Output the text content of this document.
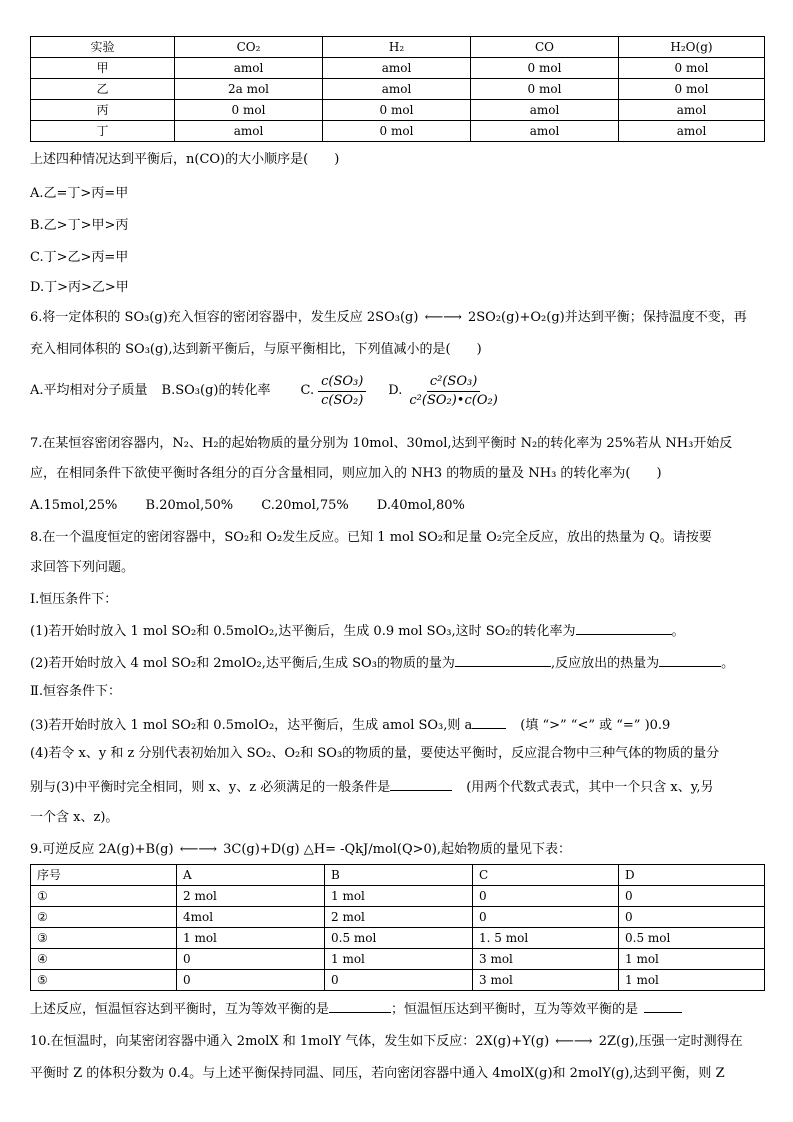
实验	CO₂	H₂	CO	H₂O(g)
甲	amol	amol	0 mol	0 mol
乙	2a mol	amol	0 mol	0 mol
丙	0 mol	0 mol	amol	amol
丁	amol	0 mol	amol	amol
上述四种情况达到平衡后，n(CO)的大小顺序是(　　)
A.乙=丁>丙=甲
B.乙>丁>甲>丙
C.丁>乙>丙=甲
D.丁>丙>乙>甲
6.将一定体积的 SO₃(g)充入恒容的密闭容器中，发生反应 2SO₃(g) ⟵⟶ 2SO₂(g)+O₂(g)并达到平衡；保持温度不变，再
充入相同体积的 SO₃(g),达到新平衡后，与原平衡相比，下列值减小的是(　　)
A.平均相对分子质量 B.SO₃(g)的转化率 C. $\frac{\text{c(SO₃)}}{\text{c(SO₂)}} D$. $\frac{\text{c²(SO₃)}}{\text{c²(SO₂)•c(O₂)}}$
7.在某恒容密闭容器内，N₂、H₂的起始物质的量分别为 10mol、30mol,达到平衡时 N₂的转化率为 25%若从 NH₃开始反
应，在相同条件下欲使平衡时各组分的百分含量相同，则应加入的 NH3 的物质的量及 NH₃ 的转化率为(　　)
A.15mol,25% B.20mol,50% C.20mol,75% D.40mol,80%
8.在一个温度恒定的密闭容器中，SO₂和 O₂发生反应。已知 1 mol SO₂和足量 O₂完全反应，放出的热量为 Q。请按要
求回答下列问题。
I.恒压条件下：
(1)若开始时放入 1 mol SO₂和 0.5molO₂,达平衡后，生成 0.9 mol SO₃,这时 SO₂的转化率为	。
(2)若开始时放入 4 mol SO₂和 2molO₂,达平衡后,生成 SO₃的物质的量为	,反应放出的热量为	。
Ⅱ.恒容条件下：
(3)若开始时放入 1 mol SO₂和 0.5molO₂，达平衡后，生成 amol SO₃,则 a	(填 “>” “<” 或 “=” )0.9
(4)若令 x、y 和 z 分别代表初始加入 SO₂、O₂和 SO₃的物质的量，要使达平衡时，反应混合物中三种气体的物质的量分
别与(3)中平衡时完全相同，则 x、y、z 必须满足的一般条件是	(用两个代数式表式，其中一个只含 x、y,另
一个含 x、z)。
9.可逆反应 2A(g)+B(g) ⟵⟶ 3C(g)+D(g) △H= -QkJ/mol(Q>0),起始物质的量见下表：
序号	A	B	C	D
①	2 mol	1 mol	0	0
②	4mol	2 mol	0	0
③	1 mol	0.5 mol	1. 5 mol	0.5 mol
④	0	1 mol	3 mol	1 mol
⑤	0	0	3 mol	1 mol
上述反应，恒温恒容达到平衡时，互为等效平衡的是	；恒温恒压达到平衡时，互为等效平衡的是
10.在恒温时，向某密闭容器中通入 2molX 和 1molY 气体，发生如下反应：2X(g)+Y(g) ⟵⟶ 2Z(g),压强一定时测得在
平衡时 Z 的体积分数为 0.4。与上述平衡保持同温、同压，若向密闭容器中通入 4molX(g)和 2molY(g),达到平衡，则 Z
